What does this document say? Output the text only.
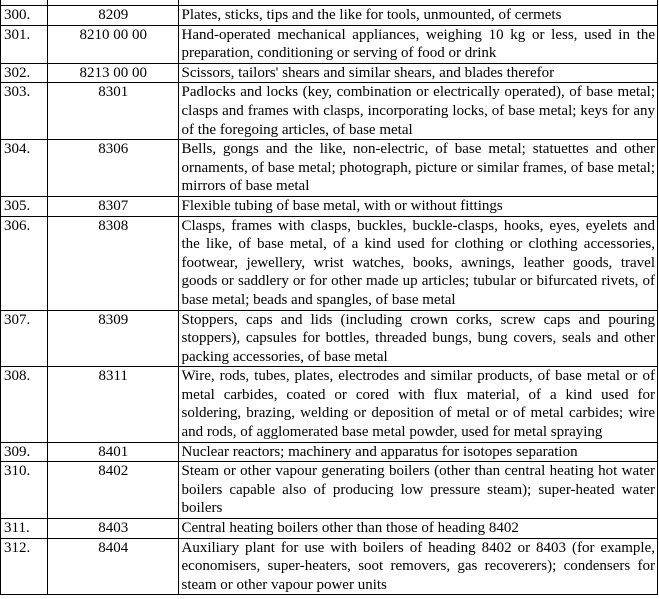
300.	8209	Plates, sticks, tips and the like for tools, unmounted, of cermets
301.	8210 00 00	Hand-operated mechanical appliances, weighing 10 kg or less, used in the preparation, conditioning or serving of food or drink
302.	8213 00 00	Scissors, tailors' shears and similar shears, and blades therefor
303.	8301	Padlocks and locks (key, combination or electrically operated), of base metal; clasps and frames with clasps, incorporating locks, of base metal; keys for any of the foregoing articles, of base metal
304.	8306	Bells, gongs and the like, non-electric, of base metal; statuettes and other ornaments, of base metal; photograph, picture or similar frames, of base metal; mirrors of base metal
305.	8307	Flexible tubing of base metal, with or without fittings
306.	8308	Clasps, frames with clasps, buckles, buckle-clasps, hooks, eyes, eyelets and the like, of base metal, of a kind used for clothing or clothing accessories, footwear, jewellery, wrist watches, books, awnings, leather goods, travel goods or saddlery or for other made up articles; tubular or bifurcated rivets, of base metal; beads and spangles, of base metal
307.	8309	Stoppers, caps and lids (including crown corks, screw caps and pouring stoppers), capsules for bottles, threaded bungs, bung covers, seals and other packing accessories, of base metal
308.	8311	Wire, rods, tubes, plates, electrodes and similar products, of base metal or of metal carbides, coated or cored with flux material, of a kind used for soldering, brazing, welding or deposition of metal or of metal carbides; wire and rods, of agglomerated base metal powder, used for metal spraying
309.	8401	Nuclear reactors; machinery and apparatus for isotopes separation
310.	8402	Steam or other vapour generating boilers (other than central heating hot water boilers capable also of producing low pressure steam); super-heated water boilers
311.	8403	Central heating boilers other than those of heading 8402
312.	8404	Auxiliary plant for use with boilers of heading 8402 or 8403 (for example, economisers, super-heaters, soot removers, gas recoverers); condensers for steam or other vapour power units
